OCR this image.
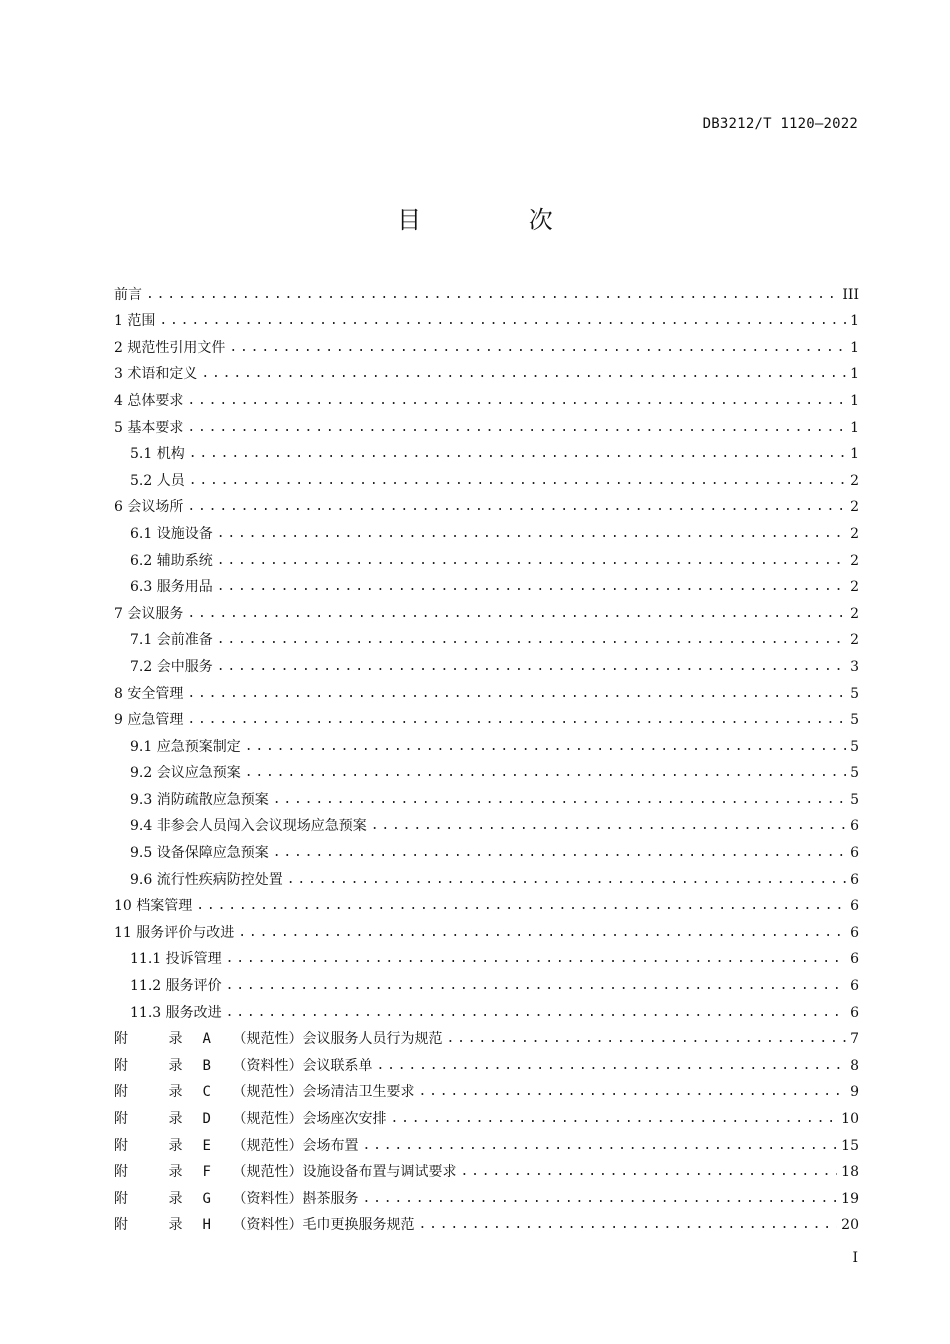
DB3212/T 1120—2022
目 次
前言 . . .	III
1 范围 . . .	1
2 规范性引用文件 . . .	1
3 术语和定义 . . .	1
4 总体要求 . . .	1
5 基本要求 . . .	1
5.1 机构 . . .	1
5.2 人员 . . .	2
6 会议场所 . . .	2
6.1 设施设备 . . .	2
6.2 辅助系统 . . .	2
6.3 服务用品 . . .	2
7 会议服务 . . .	2
7.1 会前准备 . . .	2
7.2 会中服务 . . .	3
8 安全管理 . . .	5
9 应急管理 . . .	5
9.1 应急预案制定 . . .	5
9.2 会议应急预案 . . .	5
9.3 消防疏散应急预案 . . .	5
9.4 非参会人员闯入会议现场应急预案 . . .	6
9.5 设备保障应急预案 . . .	6
9.6 流行性疾病防控处置 . . .	6
10 档案管理 . . .	6
11 服务评价与改进 . . .	6
11.1 投诉管理 . . .	6
11.2 服务评价 . . .	6
11.3 服务改进 . . .	6
附 录 A （规范性）会议服务人员行为规范 . . .	7
附 录 B （资料性）会议联系单 . . .	8
附 录 C （规范性）会场清洁卫生要求 . . .	9
附 录 D （规范性）会场座次安排 . . .	10
附 录 E （规范性）会场布置 . . .	15
附 录 F （规范性）设施设备布置与调试要求 . . .	18
附 录 G （资料性）斟茶服务 . . .	19
附 录 H （资料性）毛巾更换服务规范 . . .	20
I
